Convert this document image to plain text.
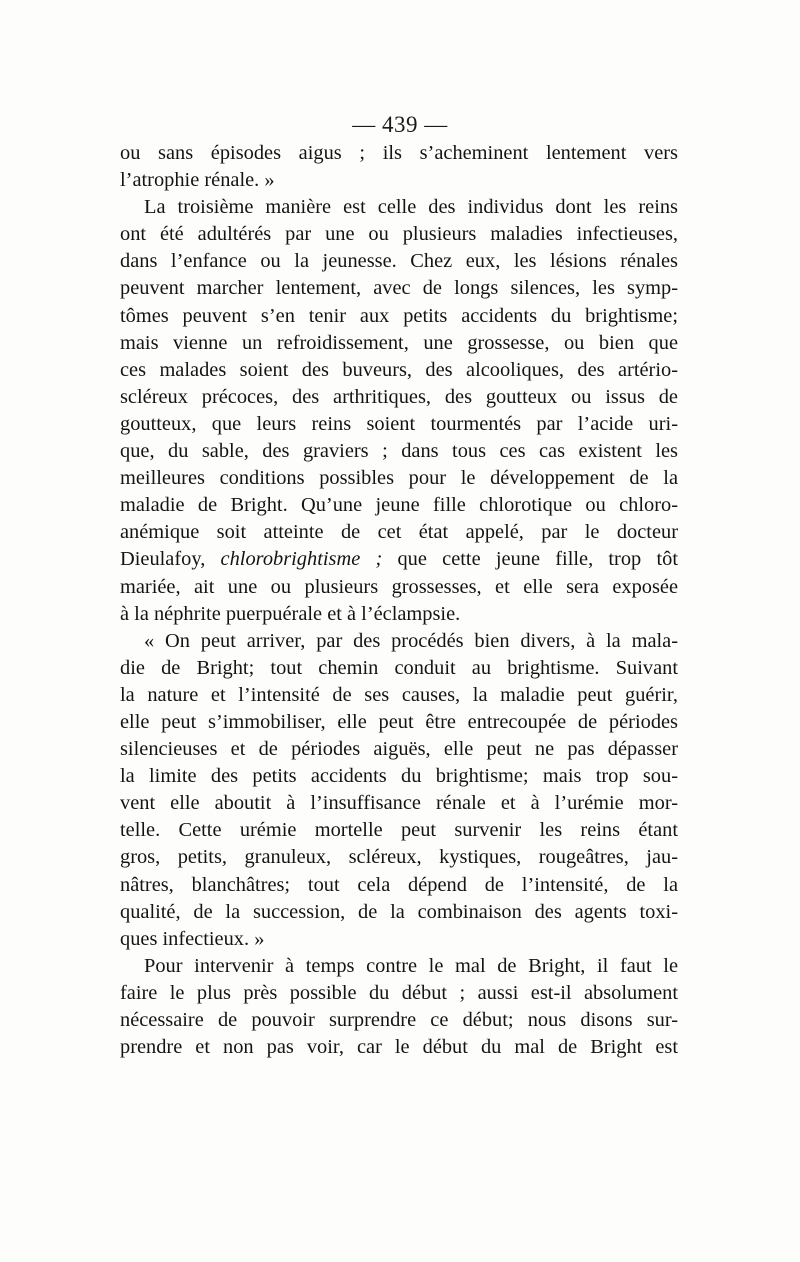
— 439 —
ou sans épisodes aigus ; ils s’acheminent lentement vers
l’atrophie rénale. »
La troisième manière est celle des individus dont les reins
ont été adultérés par une ou plusieurs maladies infectieuses,
dans l’enfance ou la jeunesse. Chez eux, les lésions rénales
peuvent marcher lentement, avec de longs silences, les symp-
tômes peuvent s’en tenir aux petits accidents du brightisme;
mais vienne un refroidissement, une grossesse, ou bien que
ces malades soient des buveurs, des alcooliques, des artério-
scléreux précoces, des arthritiques, des goutteux ou issus de
goutteux, que leurs reins soient tourmentés par l’acide uri-
que, du sable, des graviers ; dans tous ces cas existent les
meilleures conditions possibles pour le développement de la
maladie de Bright. Qu’une jeune fille chlorotique ou chloro-
anémique soit atteinte de cet état appelé, par le docteur
Dieulafoy, chlorobrightisme ; que cette jeune fille, trop tôt
mariée, ait une ou plusieurs grossesses, et elle sera exposée
à la néphrite puerpuérale et à l’éclampsie.
« On peut arriver, par des procédés bien divers, à la mala-
die de Bright; tout chemin conduit au brightisme. Suivant
la nature et l’intensité de ses causes, la maladie peut guérir,
elle peut s’immobiliser, elle peut être entrecoupée de périodes
silencieuses et de périodes aiguës, elle peut ne pas dépasser
la limite des petits accidents du brightisme; mais trop sou-
vent elle aboutit à l’insuffisance rénale et à l’urémie mor-
telle. Cette urémie mortelle peut survenir les reins étant
gros, petits, granuleux, scléreux, kystiques, rougeâtres, jau-
nâtres, blanchâtres; tout cela dépend de l’intensité, de la
qualité, de la succession, de la combinaison des agents toxi-
ques infectieux. »
Pour intervenir à temps contre le mal de Bright, il faut le
faire le plus près possible du début ; aussi est-il absolument
nécessaire de pouvoir surprendre ce début; nous disons sur-
prendre et non pas voir, car le début du mal de Bright est
